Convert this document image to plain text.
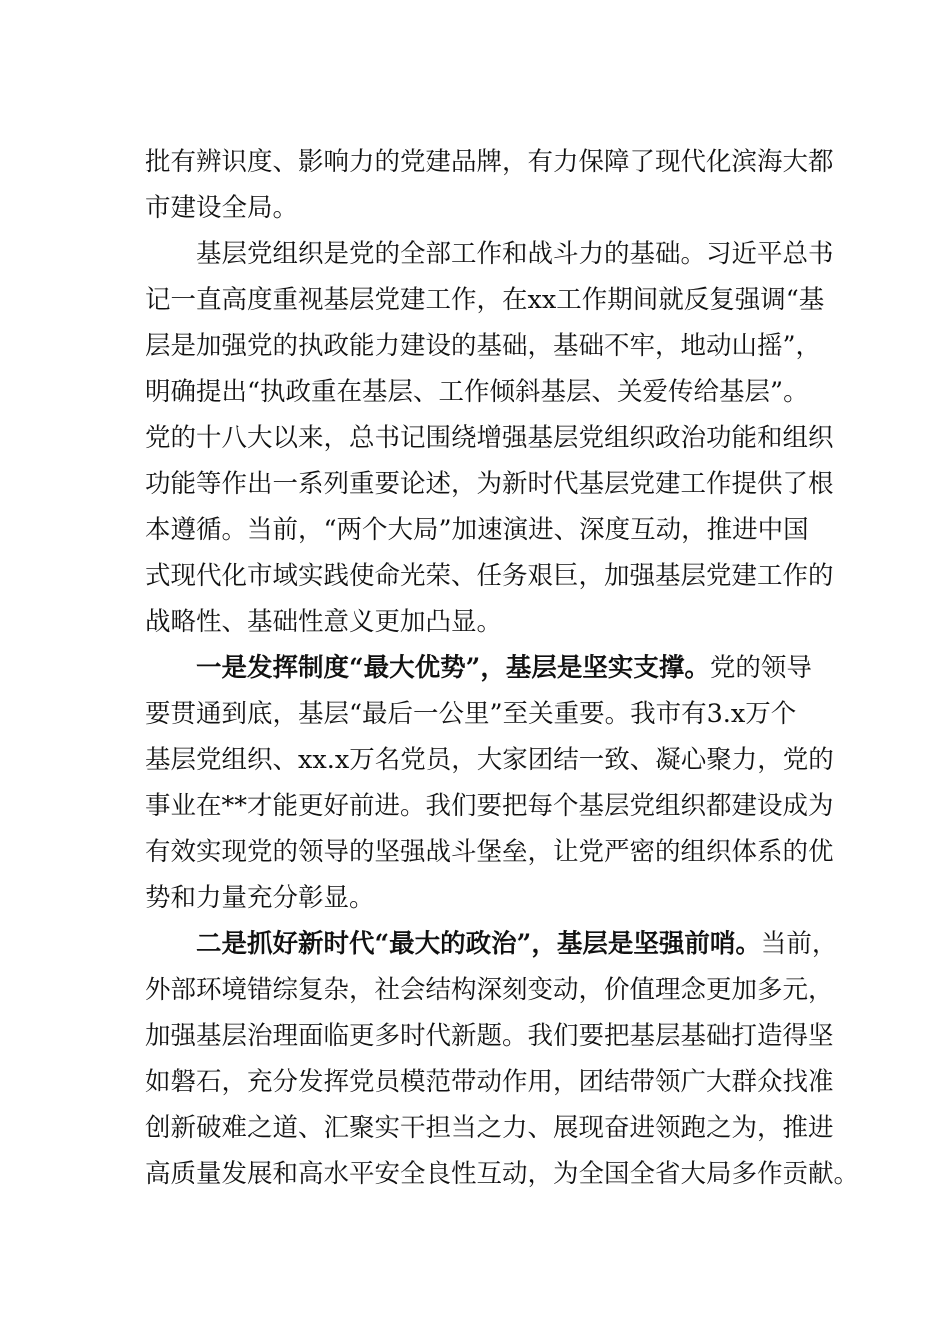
批有辨识度、影响力的党建品牌，有力保障了现代化滨海大都
市建设全局。
基层党组织是党的全部工作和战斗力的基础。习近平总书
记一直高度重视基层党建工作，在xx工作期间就反复强调“基
层是加强党的执政能力建设的基础，基础不牢，地动山摇”，
明确提出“执政重在基层、工作倾斜基层、关爱传给基层”。
党的十八大以来，总书记围绕增强基层党组织政治功能和组织
功能等作出一系列重要论述，为新时代基层党建工作提供了根
本遵循。当前，“两个大局”加速演进、深度互动，推进中国
式现代化市域实践使命光荣、任务艰巨，加强基层党建工作的
战略性、基础性意义更加凸显。
一是发挥制度“最大优势”，基层是坚实支撑。党的领导
要贯通到底，基层“最后一公里”至关重要。我市有3.x万个
基层党组织、xx.x万名党员，大家团结一致、凝心聚力，党的
事业在**才能更好前进。我们要把每个基层党组织都建设成为
有效实现党的领导的坚强战斗堡垒，让党严密的组织体系的优
势和力量充分彰显。
二是抓好新时代“最大的政治”，基层是坚强前哨。当前，
外部环境错综复杂，社会结构深刻变动，价值理念更加多元，
加强基层治理面临更多时代新题。我们要把基层基础打造得坚
如磐石，充分发挥党员模范带动作用，团结带领广大群众找准
创新破难之道、汇聚实干担当之力、展现奋进领跑之为，推进
高质量发展和高水平安全良性互动，为全国全省大局多作贡献。
